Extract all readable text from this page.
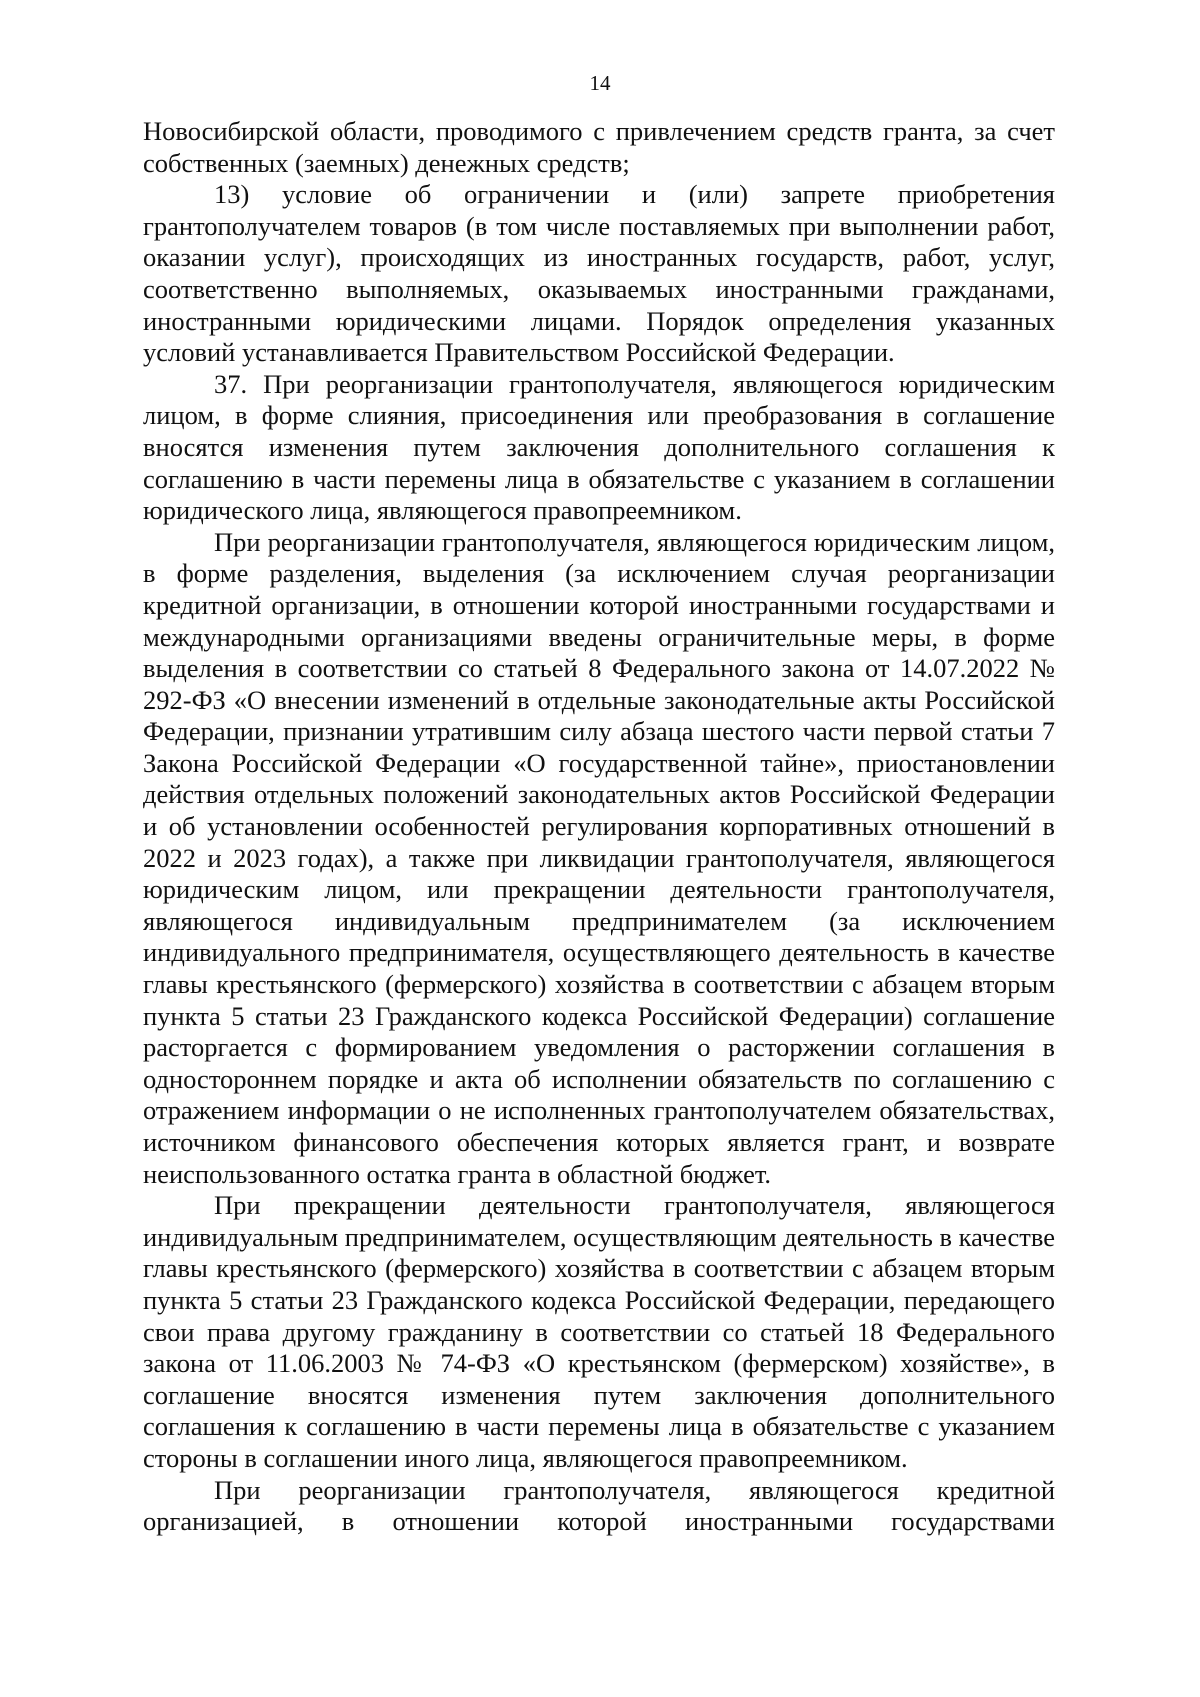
14

Новосибирской области, проводимого с привлечением средств гранта, за счет собственных (заемных) денежных средств;

13) условие об ограничении и (или) запрете приобретения грантополучателем товаров (в том числе поставляемых при выполнении работ, оказании услуг), происходящих из иностранных государств, работ, услуг, соответственно выполняемых, оказываемых иностранными гражданами, иностранными юридическими лицами. Порядок определения указанных условий устанавливается Правительством Российской Федерации.

37. При реорганизации грантополучателя, являющегося юридическим лицом, в форме слияния, присоединения или преобразования в соглашение вносятся изменения путем заключения дополнительного соглашения к соглашению в части перемены лица в обязательстве с указанием в соглашении юридического лица, являющегося правопреемником.

При реорганизации грантополучателя, являющегося юридическим лицом, в форме разделения, выделения (за исключением случая реорганизации кредитной организации, в отношении которой иностранными государствами и международными организациями введены ограничительные меры, в форме выделения в соответствии со статьей 8 Федерального закона от 14.07.2022 № 292-ФЗ «О внесении изменений в отдельные законодательные акты Российской Федерации, признании утратившим силу абзаца шестого части первой статьи 7 Закона Российской Федерации «О государственной тайне», приостановлении действия отдельных положений законодательных актов Российской Федерации и об установлении особенностей регулирования корпоративных отношений в 2022 и 2023 годах), а также при ликвидации грантополучателя, являющегося юридическим лицом, или прекращении деятельности грантополучателя, являющегося индивидуальным предпринимателем (за исключением индивидуального предпринимателя, осуществляющего деятельность в качестве главы крестьянского (фермерского) хозяйства в соответствии с абзацем вторым пункта 5 статьи 23 Гражданского кодекса Российской Федерации) соглашение расторгается с формированием уведомления о расторжении соглашения в одностороннем порядке и акта об исполнении обязательств по соглашению с отражением информации о не исполненных грантополучателем обязательствах, источником финансового обеспечения которых является грант, и возврате неиспользованного остатка гранта в областной бюджет.

При прекращении деятельности грантополучателя, являющегося индивидуальным предпринимателем, осуществляющим деятельность в качестве главы крестьянского (фермерского) хозяйства в соответствии с абзацем вторым пункта 5 статьи 23 Гражданского кодекса Российской Федерации, передающего свои права другому гражданину в соответствии со статьей 18 Федерального закона от 11.06.2003 № 74-ФЗ «О крестьянском (фермерском) хозяйстве», в соглашение вносятся изменения путем заключения дополнительного соглашения к соглашению в части перемены лица в обязательстве с указанием стороны в соглашении иного лица, являющегося правопреемником.

При реорганизации грантополучателя, являющегося кредитной организацией, в отношении которой иностранными государствами
